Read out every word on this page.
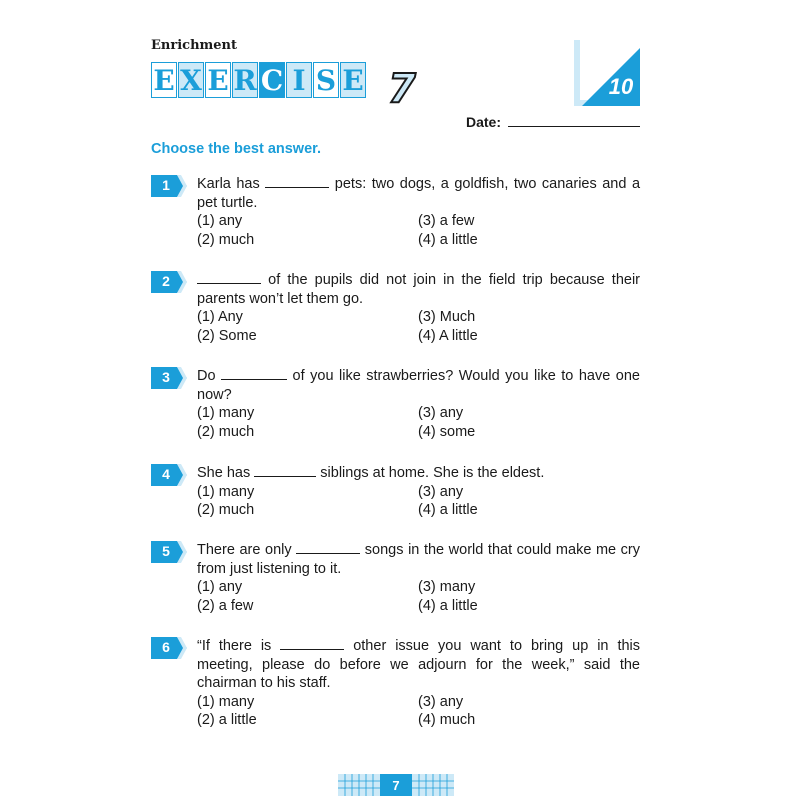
Enrichment
E X E R C I S E 7	10
Date:
Choose the best answer.
1	Karla has	pets: two dogs, a goldfish, two canaries and a pet turtle.
(1) any	(3) a few
(2) much	(4) a little
2	of the pupils did not join in the field trip because their parents won’t let them go.
(1) Any	(3) Much
(2) Some	(4) A little
3	Do	of you like strawberries? Would you like to have one now?
(1) many	(3) any
(2) much	(4) some
4	She has	siblings at home. She is the eldest.
(1) many	(3) any
(2) much	(4) a little
5	There are only	songs in the world that could make me cry from just listening to it.
(1) any	(3) many
(2) a few	(4) a little
6	“If there is	other issue you want to bring up in this meeting, please do before we adjourn for the week,” said the chairman to his staff.
(1) many	(3) any
(2) a little	(4) much
7
